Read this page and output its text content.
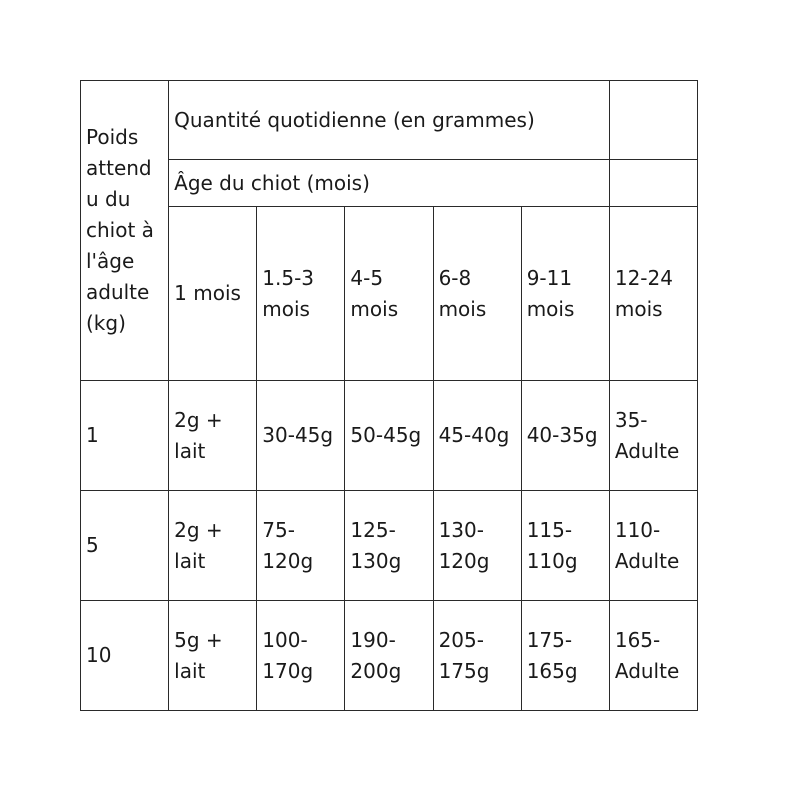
Poids attendu du chiot à l'âge adulte (kg)	Quantité quotidienne (en grammes)					
	Âge du chiot (mois)					
	1 mois	1.5-3 mois	4-5 mois	6-8 mois	9-11 mois	12-24 mois
1	2g + lait	30-45g	50-45g	45-40g	40-35g	35-Adulte
5	2g + lait	75-120g	125-130g	130-120g	115-110g	110-Adulte
10	5g + lait	100-170g	190-200g	205-175g	175-165g	165-Adulte
